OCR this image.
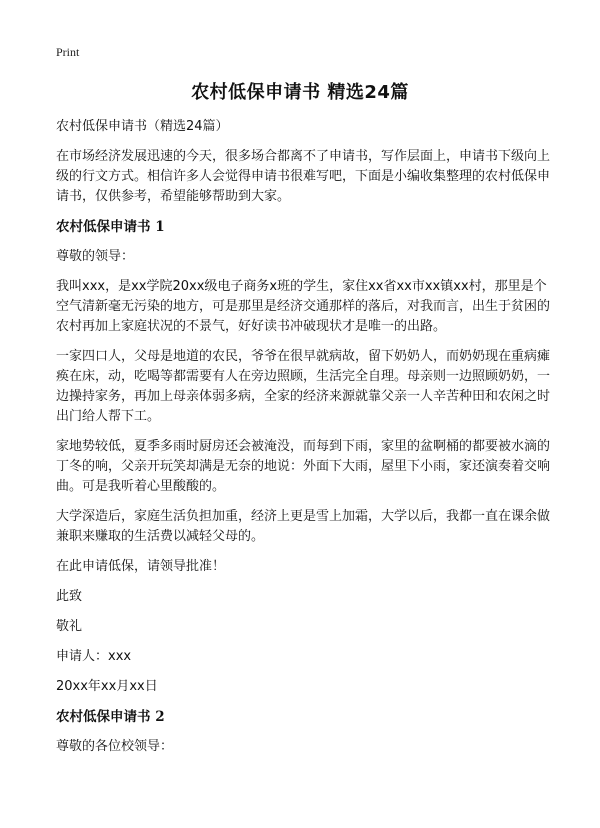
Print
农村低保申请书 精选24篇

农村低保申请书（精选24篇）

在市场经济发展迅速的今天，很多场合都离不了申请书，写作层面上，申请书下级向上级的行文方式。相信许多人会觉得申请书很难写吧，下面是小编收集整理的农村低保申请书，仅供参考，希望能够帮助到大家。

农村低保申请书 1

尊敬的领导：

我叫xxx，是xx学院20xx级电子商务x班的学生，家住xx省xx市xx镇xx村，那里是个空气清新毫无污染的地方，可是那里是经济交通那样的落后，对我而言，出生于贫困的农村再加上家庭状况的不景气，好好读书冲破现状才是唯一的出路。

一家四口人，父母是地道的农民，爷爷在很早就病故，留下奶奶人，而奶奶现在重病瘫痪在床，动，吃喝等都需要有人在旁边照顾，生活完全自理。母亲则一边照顾奶奶，一边操持家务，再加上母亲体弱多病，全家的经济来源就靠父亲一人辛苦种田和农闲之时出门给人帮下工。

家地势较低，夏季多雨时厨房还会被淹没，而每到下雨，家里的盆啊桶的都要被水滴的丁冬的响，父亲开玩笑却满是无奈的地说：外面下大雨，屋里下小雨，家还演奏着交响曲。可是我听着心里酸酸的。

大学深造后，家庭生活负担加重，经济上更是雪上加霜，大学以后，我都一直在课余做兼职来赚取的生活费以减轻父母的。

在此申请低保，请领导批准！

此致

敬礼

申请人：xxx

20xx年xx月xx日

农村低保申请书 2

尊敬的各位校领导：
